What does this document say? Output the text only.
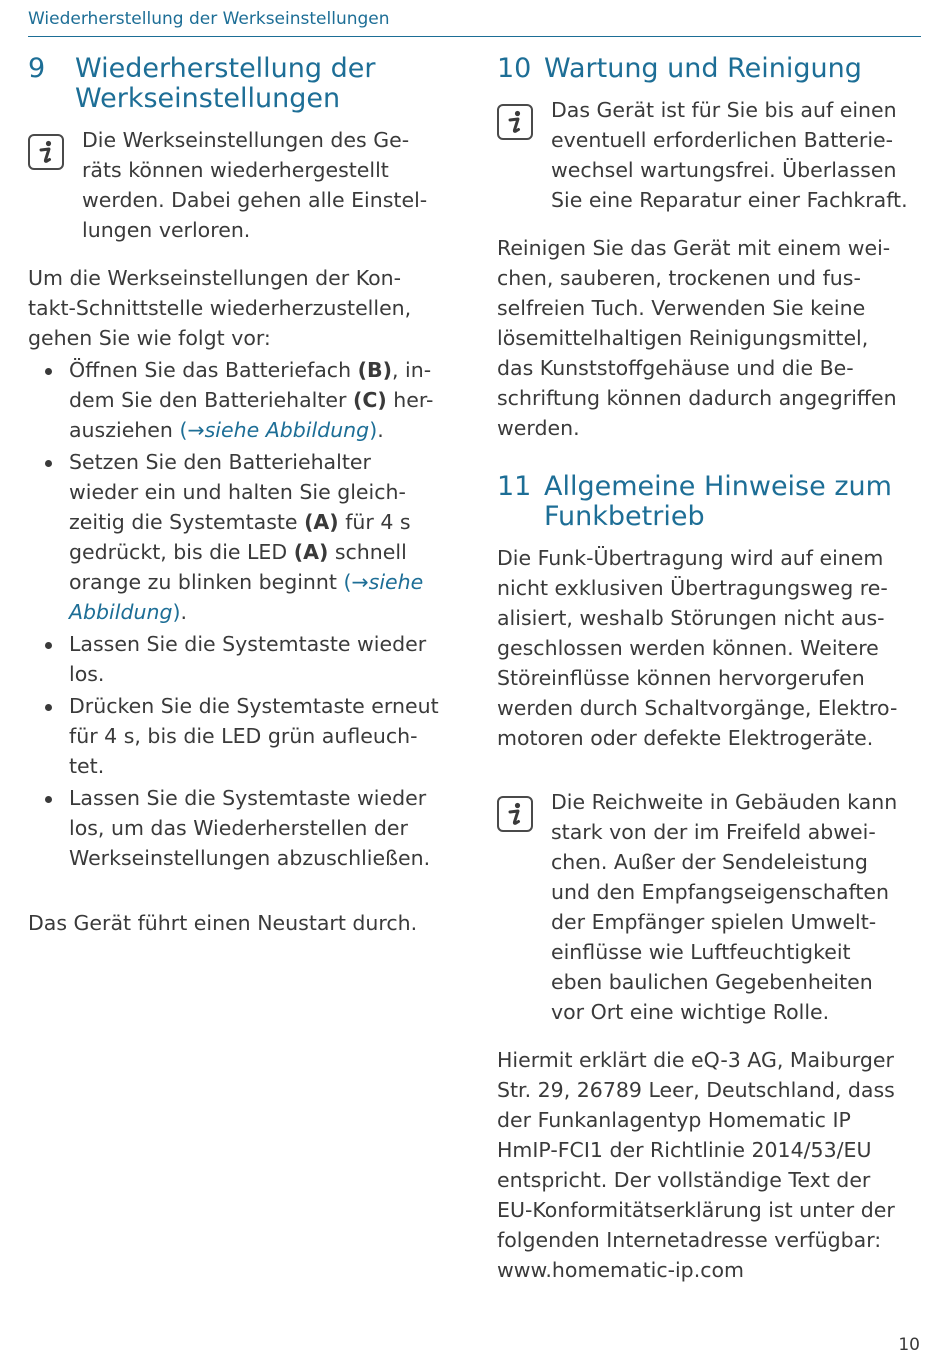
Wiederherstellung der Werkseinstellungen
9 Wiederherstellung der
Werkseinstellungen
Die Werkseinstellungen des Ge-
räts können wiederhergestellt
werden. Dabei gehen alle Einstel-
lungen verloren.
Um die Werkseinstellungen der Kon-
takt-Schnittstelle wiederherzustellen,
gehen Sie wie folgt vor:
Öffnen Sie das Batteriefach (B), in-
dem Sie den Batteriehalter (C) her-
ausziehen (→siehe Abbildung).
Setzen Sie den Batteriehalter
wieder ein und halten Sie gleich-
zeitig die Systemtaste (A) für 4 s
gedrückt, bis die LED (A) schnell
orange zu blinken beginnt (→siehe
Abbildung).
Lassen Sie die Systemtaste wieder
los.
Drücken Sie die Systemtaste erneut
für 4 s, bis die LED grün aufleuch-
tet.
Lassen Sie die Systemtaste wieder
los, um das Wiederherstellen der
Werkseinstellungen abzuschließen.
Das Gerät führt einen Neustart durch.
10 Wartung und Reinigung
Das Gerät ist für Sie bis auf einen
eventuell erforderlichen Batterie-
wechsel wartungsfrei. Überlassen
Sie eine Reparatur einer Fachkraft.
Reinigen Sie das Gerät mit einem wei-
chen, sauberen, trockenen und fus-
selfreien Tuch. Verwenden Sie keine
lösemittelhaltigen Reinigungsmittel,
das Kunststoffgehäuse und die Be-
schriftung können dadurch angegriffen
werden.
11 Allgemeine Hinweise zum
Funkbetrieb
Die Funk-Übertragung wird auf einem
nicht exklusiven Übertragungsweg re-
alisiert, weshalb Störungen nicht aus-
geschlossen werden können. Weitere
Störeinflüsse können hervorgerufen
werden durch Schaltvorgänge, Elektro-
motoren oder defekte Elektrogeräte.
Die Reichweite in Gebäuden kann
stark von der im Freifeld abwei-
chen. Außer der Sendeleistung
und den Empfangseigenschaften
der Empfänger spielen Umwelt-
einflüsse wie Luftfeuchtigkeit
eben baulichen Gegebenheiten
vor Ort eine wichtige Rolle.
Hiermit erklärt die eQ-3 AG, Maiburger
Str. 29, 26789 Leer, Deutschland, dass
der Funkanlagentyp Homematic IP
HmIP-FCI1 der Richtlinie 2014/53/EU
entspricht. Der vollständige Text der
EU-Konformitätserklärung ist unter der
folgenden Internetadresse verfügbar:
www.homematic-ip.com
10
